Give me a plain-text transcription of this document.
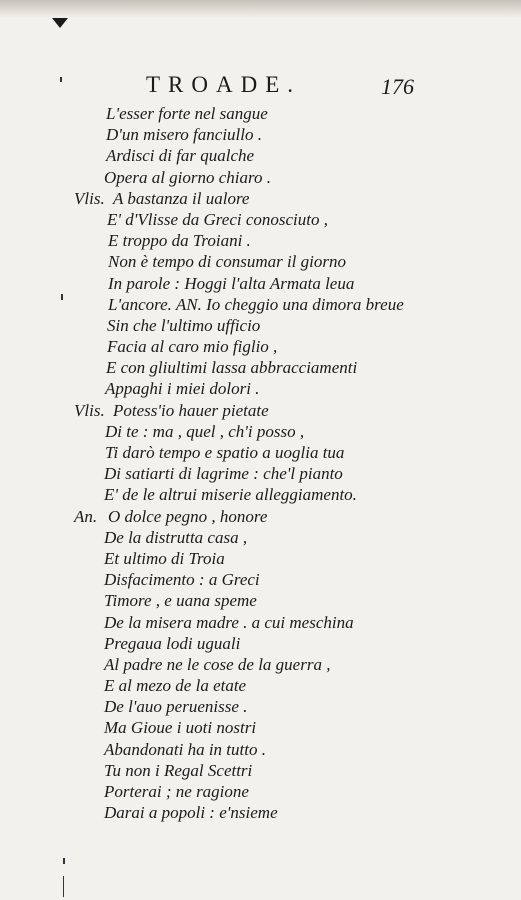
TROADE.	176
L'esser forte nel sangue
D'un misero fanciullo .
Ardisci di far qualche
Opera al giorno chiaro .
Vlis. A bastanza il ualore
E' d'Vlisse da Greci conosciuto ,
E troppo da Troiani .
Non è tempo di consumar il giorno
In parole : Hoggi l'alta Armata leua
L'ancore. AN. Io cheggio una dimora breue
Sin che l'ultimo ufficio
Facia al caro mio figlio ,
E con gliultimi lassa abbracciamenti
Appaghi i miei dolori .
Vlis. Potess'io hauer pietate
Di te : ma , quel , ch'i posso ,
Ti darò tempo e spatio a uoglia tua
Di satiarti di lagrime : che'l pianto
E' de le altrui miserie alleggiamento.
An. O dolce pegno , honore
De la distrutta casa ,
Et ultimo di Troia
Disfacimento : a Greci
Timore , e uana speme
De la misera madre . a cui meschina
Pregaua lodi uguali
Al padre ne le cose de la guerra ,
E al mezo de la etate
De l'auo peruenisse .
Ma Gioue i uoti nostri
Abandonati ha in tutto .
Tu non i Regal Scettri
Porterai ; ne ragione
Darai a popoli : e'nsieme
